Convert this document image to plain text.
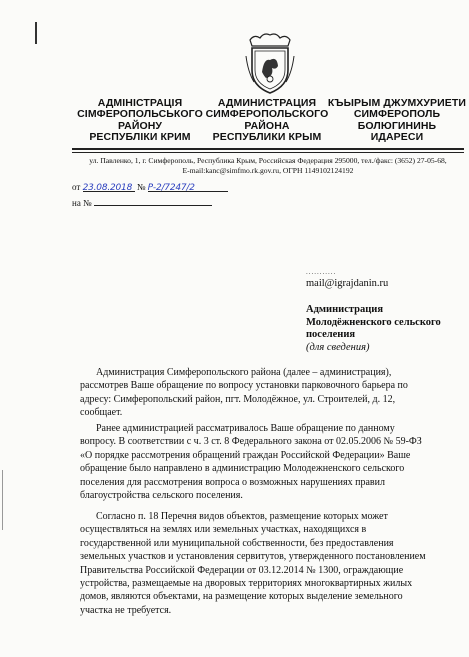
АДМІНІСТРАЦІЯ
СІМФЕРОПОЛЬСЬКОГО
РАЙОНУ
РЕСПУБЛІКИ КРИМ
АДМИНИСТРАЦИЯ
СИМФЕРОПОЛЬСКОГО
РАЙОНА
РЕСПУБЛИКИ КРЫМ
КЪЫРЫМ ДЖУМХУРИЕТИ
СИМФЕРОПОЛЬ
БОЛЮГИНИНЬ
ИДАРЕСИ
ул. Павленко, 1, г. Симферополь, Республика Крым, Российская Федерация 295000, тел./факс: (3652) 27-05-68,
E-mail:kanc@simfmo.rk.gov.ru, ОГРН 1149102124192
от 23.08.2018 № Р-2/7247/2
на №
...........
mail@igrajdanin.ru
Администрация
Молодёжненского сельского
поселения
(для сведения)
Администрация Симферопольского района (далее – администрация),
рассмотрев Ваше обращение по вопросу установки парковочного барьера по
адресу: Симферопольский район, пгт. Молодёжное, ул. Строителей, д. 12,
сообщает.
Ранее администрацией рассматривалось Ваше обращение по данному
вопросу. В соответствии с ч. 3 ст. 8 Федерального закона от 02.05.2006 № 59-ФЗ
«О порядке рассмотрения обращений граждан Российской Федерации» Ваше
обращение было направлено в администрацию Молодежненского сельского
поселения для рассмотрения вопроса о возможных нарушениях правил
благоустройства сельского поселения.
Согласно п. 18 Перечня видов объектов, размещение которых может
осуществляться на землях или земельных участках, находящихся в
государственной или муниципальной собственности, без предоставления
земельных участков и установления сервитутов, утвержденного постановлением
Правительства Российской Федерации от 03.12.2014 № 1300, ограждающие
устройства, размещаемые на дворовых территориях многоквартирных жилых
домов, являются объектами, на размещение которых выделение земельного
участка не требуется.
